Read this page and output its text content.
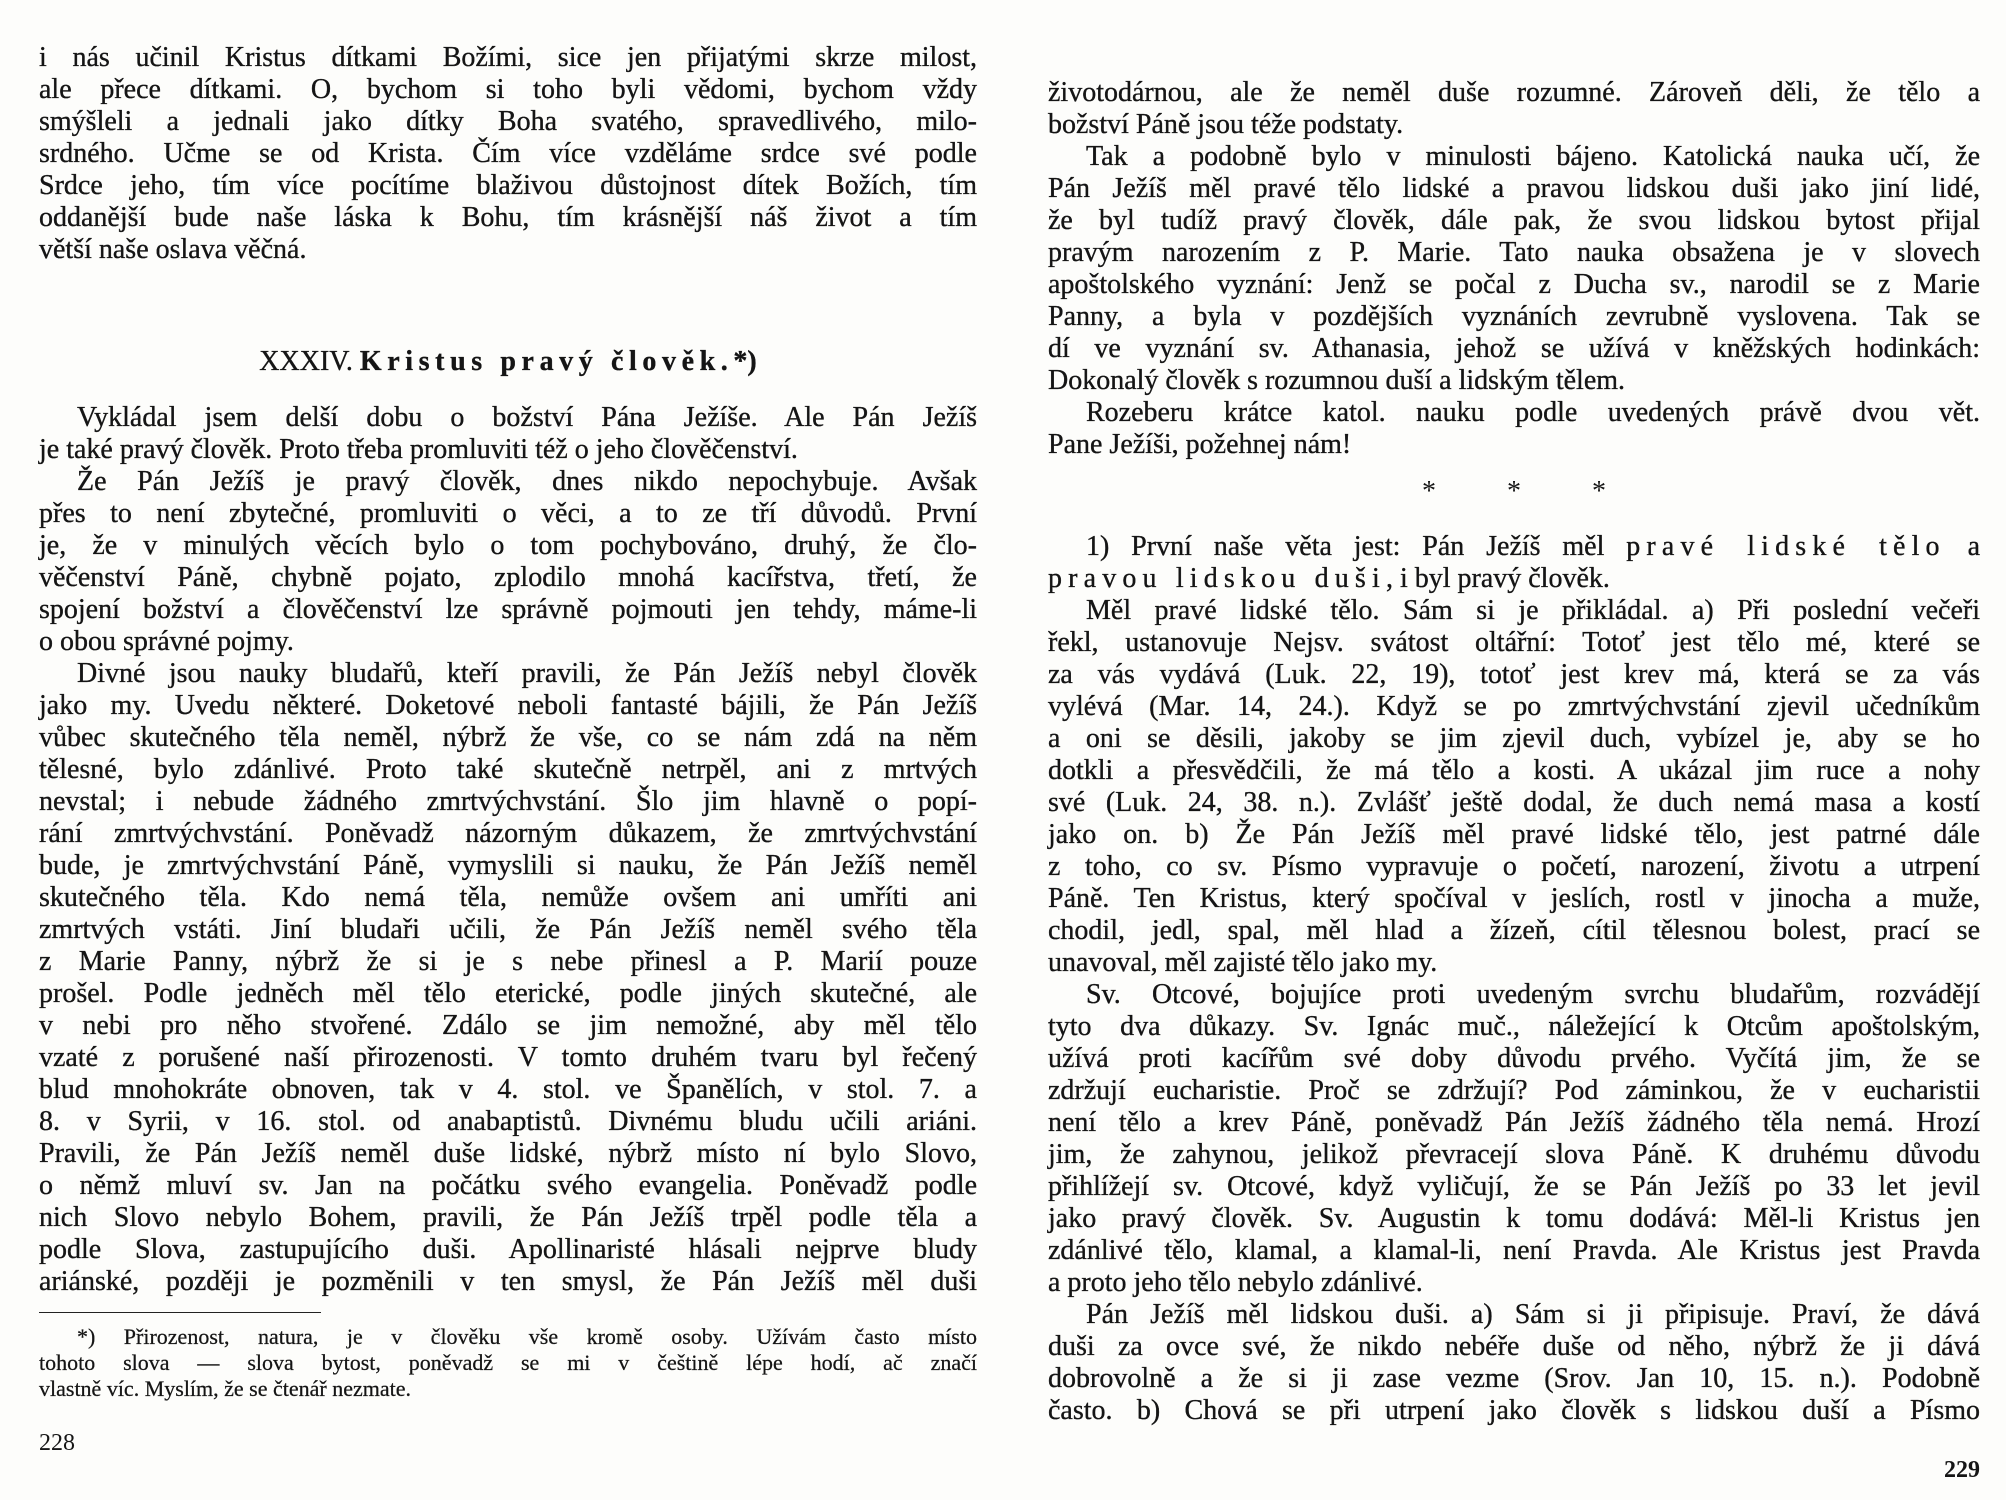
i nás učinil Kristus dítkami Božími, sice jen přijatými skrze milost,
ale přece dítkami. O, bychom si toho byli vědomi, bychom vždy
smýšleli a jednali jako dítky Boha svatého, spravedlivého, milo-
srdného. Učme se od Krista. Čím více vzděláme srdce své podle
Srdce jeho, tím více pocítíme blaživou důstojnost dítek Božích, tím
oddanější bude naše láska k Bohu, tím krásnější náš život a tím
větší naše oslava věčná.
XXXIV. Kristus pravý člověk.*)
Vykládal jsem delší dobu o božství Pána Ježíše. Ale Pán Ježíš
je také pravý člověk. Proto třeba promluviti též o jeho člověčenství.
Že Pán Ježíš je pravý člověk, dnes nikdo nepochybuje. Avšak
přes to není zbytečné, promluviti o věci, a to ze tří důvodů. První
je, že v minulých věcích bylo o tom pochybováno, druhý, že člo-
věčenství Páně, chybně pojato, zplodilo mnohá kacířstva, třetí, že
spojení božství a člověčenství lze správně pojmouti jen tehdy, máme-li
o obou správné pojmy.
Divné jsou nauky bludařů, kteří pravili, že Pán Ježíš nebyl člověk
jako my. Uvedu některé. Doketové neboli fantasté bájili, že Pán Ježíš
vůbec skutečného těla neměl, nýbrž že vše, co se nám zdá na něm
tělesné, bylo zdánlivé. Proto také skutečně netrpěl, ani z mrtvých
nevstal; i nebude žádného zmrtvýchvstání. Šlo jim hlavně o popí-
rání zmrtvýchvstání. Poněvadž názorným důkazem, že zmrtvýchvstání
bude, je zmrtvýchvstání Páně, vymyslili si nauku, že Pán Ježíš neměl
skutečného těla. Kdo nemá těla, nemůže ovšem ani umříti ani
zmrtvých vstáti. Jiní bludaři učili, že Pán Ježíš neměl svého těla
z Marie Panny, nýbrž že si je s nebe přinesl a P. Marií pouze
prošel. Podle jedněch měl tělo eterické, podle jiných skutečné, ale
v nebi pro něho stvořené. Zdálo se jim nemožné, aby měl tělo
vzaté z porušené naší přirozenosti. V tomto druhém tvaru byl řečený
blud mnohokráte obnoven, tak v 4. stol. ve Španělích, v stol. 7. a
8. v Syrii, v 16. stol. od anabaptistů. Divnému bludu učili ariáni.
Pravili, že Pán Ježíš neměl duše lidské, nýbrž místo ní bylo Slovo,
o němž mluví sv. Jan na počátku svého evangelia. Poněvadž podle
nich Slovo nebylo Bohem, pravili, že Pán Ježíš trpěl podle těla a
podle Slova, zastupujícího duši. Apollinaristé hlásali nejprve bludy
ariánské, později je pozměnili v ten smysl, že Pán Ježíš měl duši
*) Přirozenost, natura, je v člověku vše kromě osoby. Užívám často místo
tohoto slova — slova bytost, poněvadž se mi v češtině lépe hodí, ač značí
vlastně víc. Myslím, že se čtenář nezmate.
228
životodárnou, ale že neměl duše rozumné. Zároveň děli, že tělo a
božství Páně jsou téže podstaty.
Tak a podobně bylo v minulosti bájeno. Katolická nauka učí, že
Pán Ježíš měl pravé tělo lidské a pravou lidskou duši jako jiní lidé,
že byl tudíž pravý člověk, dále pak, že svou lidskou bytost přijal
pravým narozením z P. Marie. Tato nauka obsažena je v slovech
apoštolského vyznání: Jenž se počal z Ducha sv., narodil se z Marie
Panny, a byla v pozdějších vyznáních zevrubně vyslovena. Tak se
dí ve vyznání sv. Athanasia, jehož se užívá v kněžských hodinkách:
Dokonalý člověk s rozumnou duší a lidským tělem.
Rozeberu krátce katol. nauku podle uvedených právě dvou vět.
Pane Ježíši, požehnej nám!
* * *
1) První naše věta jest: Pán Ježíš měl pravé lidské tělo a
pravou lidskou duši, i byl pravý člověk.
Měl pravé lidské tělo. Sám si je přikládal. a) Při poslední večeři
řekl, ustanovuje Nejsv. svátost oltářní: Totoť jest tělo mé, které se
za vás vydává (Luk. 22, 19), totoť jest krev má, která se za vás
vylévá (Mar. 14, 24.). Když se po zmrtvýchvstání zjevil učedníkům
a oni se děsili, jakoby se jim zjevil duch, vybízel je, aby se ho
dotkli a přesvědčili, že má tělo a kosti. A ukázal jim ruce a nohy
své (Luk. 24, 38. n.). Zvlášť ještě dodal, že duch nemá masa a kostí
jako on. b) Že Pán Ježíš měl pravé lidské tělo, jest patrné dále
z toho, co sv. Písmo vypravuje o početí, narození, životu a utrpení
Páně. Ten Kristus, který spočíval v jeslích, rostl v jinocha a muže,
chodil, jedl, spal, měl hlad a žízeň, cítil tělesnou bolest, prací se
unavoval, měl zajisté tělo jako my.
Sv. Otcové, bojujíce proti uvedeným svrchu bludařům, rozvádějí
tyto dva důkazy. Sv. Ignác muč., náležející k Otcům apoštolským,
užívá proti kacířům své doby důvodu prvého. Vyčítá jim, že se
zdržují eucharistie. Proč se zdržují? Pod záminkou, že v eucharistii
není tělo a krev Páně, poněvadž Pán Ježíš žádného těla nemá. Hrozí
jim, že zahynou, jelikož převracejí slova Páně. K druhému důvodu
přihlížejí sv. Otcové, když vyličují, že se Pán Ježíš po 33 let jevil
jako pravý člověk. Sv. Augustin k tomu dodává: Měl-li Kristus jen
zdánlivé tělo, klamal, a klamal-li, není Pravda. Ale Kristus jest Pravda
a proto jeho tělo nebylo zdánlivé.
Pán Ježíš měl lidskou duši. a) Sám si ji připisuje. Praví, že dává
duši za ovce své, že nikdo nebéře duše od něho, nýbrž že ji dává
dobrovolně a že si ji zase vezme (Srov. Jan 10, 15. n.). Podobně
často. b) Chová se při utrpení jako člověk s lidskou duší a Písmo
229
